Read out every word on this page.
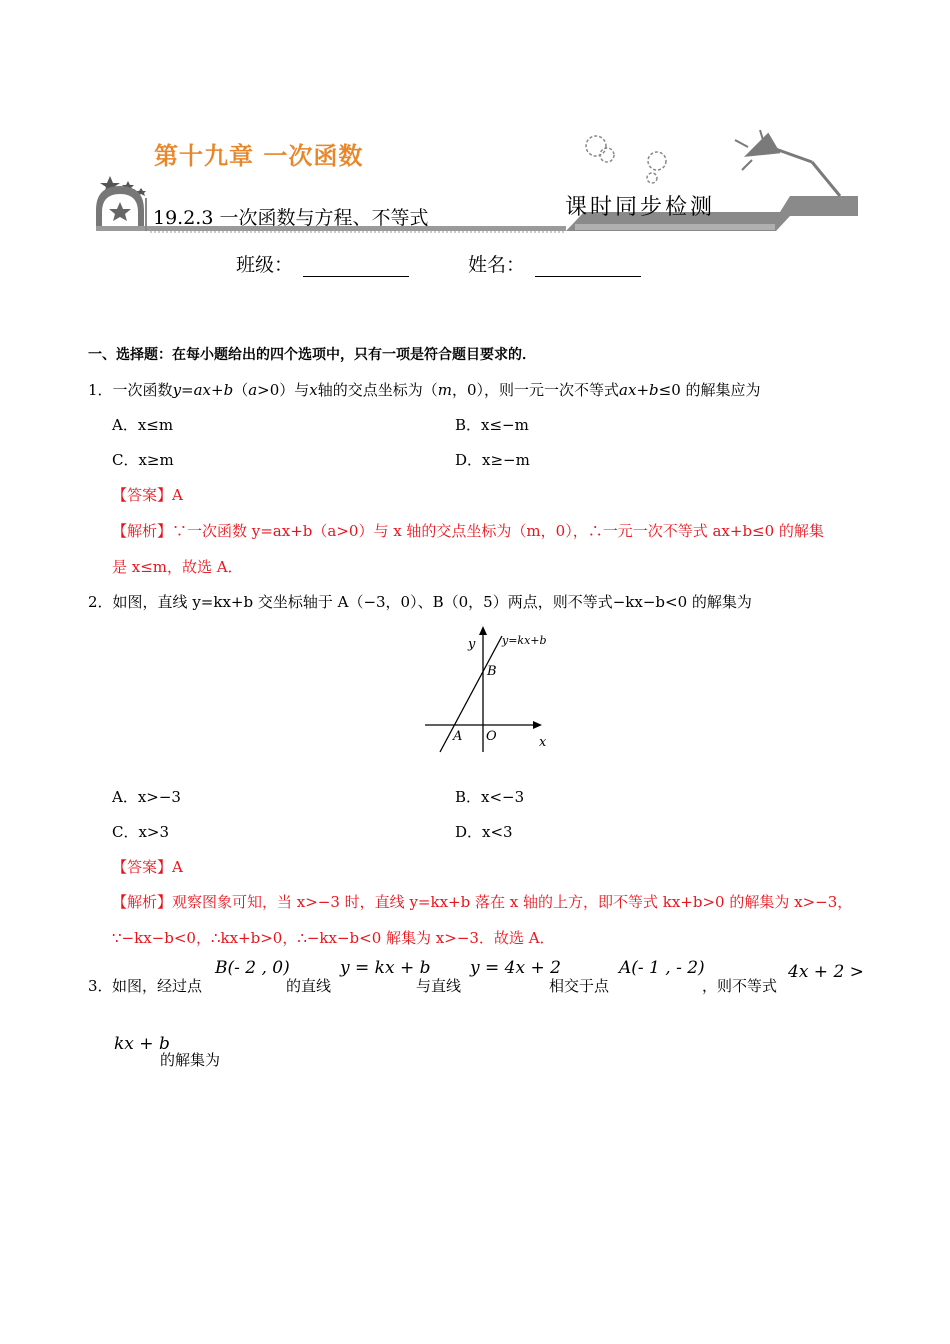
第十九章 一次函数
19.2.3 一次函数与方程、不等式	课时同步检测
班级：	姓名：
一、选择题：在每小题给出的四个选项中，只有一项是符合题目要求的．
1．一次函数y=ax+b（a>0）与x轴的交点坐标为（m，0），则一元一次不等式ax+b≤0 的解集应为
A．x≤m	B．x≤−m
C．x≥m	D．x≥−m
【答案】A
【解析】∵一次函数 y=ax+b（a>0）与 x 轴的交点坐标为（m，0），∴一元一次不等式 ax+b≤0 的解集
是 x≤m，故选 A．
2．如图，直线 y=kx+b 交坐标轴于 A（−3，0）、B（0，5）两点，则不等式−kx−b<0 的解集为
y y=kx+b
B
A O	x
A．x>−3	B．x<−3
C．x>3	D．x<3
【答案】A
【解析】观察图象可知，当 x>−3 时，直线 y=kx+b 落在 x 轴的上方，即不等式 kx+b>0 的解集为 x>−3，
∵−kx−b<0，∴kx+b>0，∴−kx−b<0 解集为 x>−3．故选 A．
3． 如图，经过点
B(- 2 , 0)
的直线
y = kx + b
与直线
y = 4x + 2
相交于点
A(- 1 , - 2)
，则不等式
4x + 2 >
kx + b
的解集为
